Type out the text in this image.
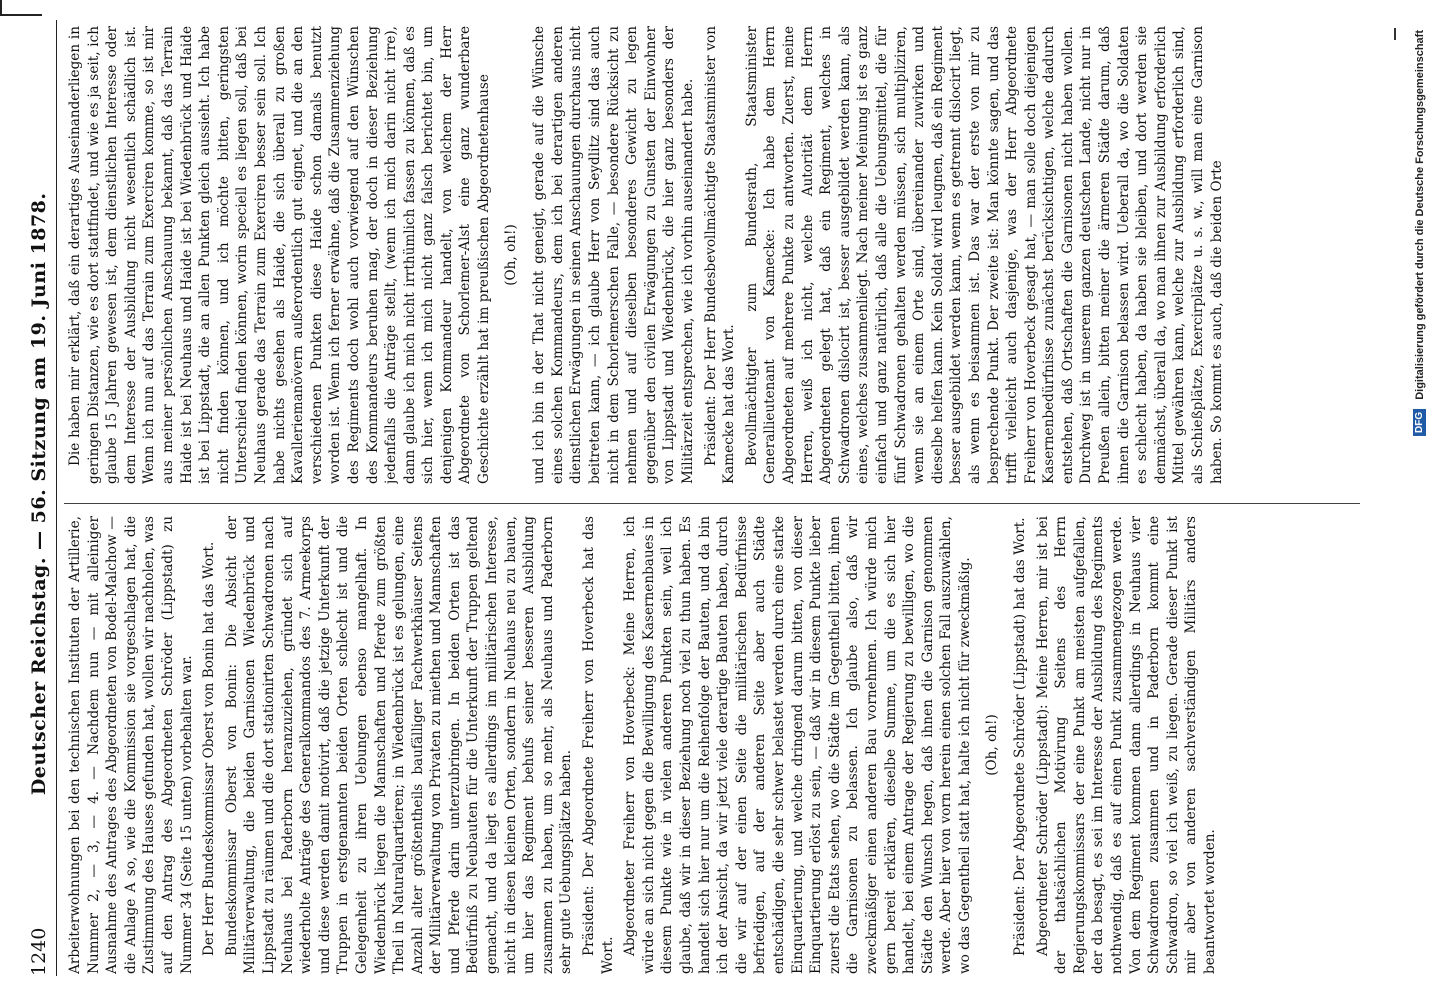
1240
Deutscher Reichstag. — 56. Sitzung am 19. Juni 1878. Arbeiterwohnungen bei den technischen Instituten der Artillerie, Nummer 2, — 3, — 4. — Nachdem nun — mit alleiniger Ausnahme des Antrages des Abgeordneten von Bodel-Malchow — die Anlage A so, wie die Kommission sie vorgeschlagen hat, die Zustimmung des Hauses gefunden hat, wollen wir nachholen, was auf den Antrag des Abgeordneten Schröder (Lippstadt) zu Nummer 34 (Seite 15 unten) vorbehalten war. Der Herr Bundeskommissar Oberst von Bonin hat das Wort. Bundeskommissar Oberst von Bonin: Die Absicht der Militärverwaltung, die beiden Garnisonen Wiedenbrück und Lippstadt zu räumen und die dort stationirten Schwadronen nach Neuhaus bei Paderborn heranzuziehen, gründet sich auf wiederholte Anträge des Generalkommandos des 7. Armeekorps und diese werden damit motivirt, daß die jetzige Unterkunft der Truppen in erstgenannten beiden Orten schlecht ist und die Gelegenheit zu ihren Uebungen ebenso mangelhaft. In Wiedenbrück liegen die Mannschaften und Pferde zum größten Theil in Naturalquartieren; in Wiedenbrück ist es gelungen, eine Anzahl alter größtentheils baufälliger Fachwerkhäuser Seitens der Militärverwaltung von Privaten zu miethen und Mannschaften und Pferde darin unterzubringen. In beiden Orten ist das Bedürfniß zu Neubauten für die Unterkunft der Truppen geltend gemacht, und da liegt es allerdings im militärischen Interesse, nicht in diesen kleinen Orten, sondern in Neuhaus neu zu bauen, um hier das Regiment behufs seiner besseren Ausbildung zusammen zu haben, um so mehr, als Neuhaus und Paderborn sehr gute Uebungsplätze haben. Präsident: Der Abgeordnete Freiherr von Hoverbeck hat das Wort. Abgeordneter Freiherr von Hoverbeck: Meine Herren, ich würde an sich nicht gegen die Bewilligung des Kasernenbaues in diesem Punkte wie in vielen anderen Punkten sein, weil ich glaube, daß wir in dieser Beziehung noch viel zu thun haben. Es handelt sich hier nur um die Reihenfolge der Bauten, und da bin ich der Ansicht, da wir jetzt viele derartige Bauten haben, durch die wir auf der einen Seite die militärischen Bedürfnisse befriedigen, auf der anderen Seite aber auch Städte entschädigen, die sehr schwer belastet werden durch eine starke Einquartierung, und welche dringend darum bitten, von dieser Einquartierung erlöst zu sein, — daß wir in diesem Punkte lieber zuerst die Etats sehen, wo die Städte im Gegentheil bitten, ihnen die Garnisonen zu belassen. Ich glaube also, daß wir zweckmäßiger einen anderen Bau vornehmen. Ich würde mich gern bereit erklären, dieselbe Summe, um die es sich hier handelt, bei einem Antrage der Regierung zu bewilligen, wo die Städte den Wunsch hegen, daß ihnen die Garnison genommen werde. Aber hier von vorn herein einen solchen Fall auszuwählen, wo das Gegentheil statt hat, halte ich nicht für zweckmäßig. (Oh, oh!) Präsident: Der Abgeordnete Schröder (Lippstadt) hat das Wort. Abgeordneter Schröder (Lippstadt): Meine Herren, mir ist bei der thatsächlichen Motivirung Seitens des Herrn Regierungskommissars der eine Punkt am meisten aufgefallen, der da besagt, es sei im Interesse der Ausbildung des Regiments nothwendig, daß es auf einen Punkt zusammengezogen werde. Von dem Regiment kommen dann allerdings in Neuhaus vier Schwadronen zusammen und in Paderborn kommt eine Schwadron, so viel ich weiß, zu liegen. Gerade dieser Punkt ist mir aber von anderen sachverständigen Militärs anders beantwortet worden.

Die haben mir erklärt, daß ein derartiges Auseinanderliegen in geringen Distanzen, wie es dort stattfindet, und wie es ja seit, ich glaube 15 Jahren gewesen ist, dem dienstlichen Interesse oder dem Interesse der Ausbildung nicht wesentlich schädlich ist. Wenn ich nun auf das Terrain zum Exerciren komme, so ist mir aus meiner persönlichen Anschauung bekannt, daß das Terrain Haide ist bei Neuhaus und Haide ist bei Wiedenbrück und Haide ist bei Lippstadt, die an allen Punkten gleich aussieht. Ich habe nicht finden können, und ich möchte bitten, geringsten Unterschied finden können, worin speciell es liegen soll, daß bei Neuhaus gerade das Terrain zum Exerciren besser sein soll. Ich habe nichts gesehen als Haide, die sich überall zu großen Kavalleriemanövern außerordentlich gut eignet, und die an den verschiedenen Punkten diese Haide schon damals benutzt worden ist. Wenn ich ferner erwähne, daß die Zusammenziehung des Regiments doch wohl auch vorwiegend auf den Wünschen des Kommandeurs beruhen mag, der doch in dieser Beziehung jedenfalls die Anträge stellt, (wenn ich mich darin nicht irre), dann glaube ich mich nicht irrthümlich fassen zu können, daß es sich hier, wenn ich mich nicht ganz falsch berichtet bin, um denjenigen Kommandeur handelt, von welchem der Herr Abgeordnete von Schorlemer-Alst eine ganz wunderbare Geschichte erzählt hat im preußischen Abgeordnetenhause (Oh, oh!) und ich bin in der That nicht geneigt, gerade auf die Wünsche eines solchen Kommandeurs, dem ich bei derartigen anderen dienstlichen Erwägungen in seinen Anschauungen durchaus nicht beitreten kann, — ich glaube Herr von Seydlitz sind das auch nicht in dem Schorlemerschen Falle, — besondere Rücksicht zu nehmen und auf dieselben besonderes Gewicht zu legen gegenüber den civilen Erwägungen zu Gunsten der Einwohner von Lippstadt und Wiedenbrück, die hier ganz besonders der Militärzeit entsprechen, wie ich vorhin auseinandert habe. Präsident: Der Herr Bundesbevollmächtigte Staatsminister von Kamecke hat das Wort. Bevollmächtigter zum Bundesrath, Staatsminister Generallieutenant von Kamecke: Ich habe dem Herrn Abgeordneten auf mehrere Punkte zu antworten. Zuerst, meine Herren, weiß ich nicht, welche Autorität dem Herrn Abgeordneten gelegt hat, daß ein Regiment, welches in Schwadronen dislocirt ist, besser ausgebildet werden kann, als eines, welches zusammenliegt. Nach meiner Meinung ist es ganz einfach und ganz natürlich, daß alle die Uebungsmittel, die für fünf Schwadronen gehalten werden müssen, sich multipliziren, wenn sie an einem Orte sind, übereinander zuwirken und dieselbe helfen kann. Kein Soldat wird leugnen, daß ein Regiment besser ausgebildet werden kann, wenn es getrennt dislocirt liegt, als wenn es beisammen ist. Das war der erste von mir zu besprechende Punkt. Der zweite ist: Man könnte sagen, und das trifft vielleicht auch dasjenige, was der Herr Abgeordnete Freiherr von Hoverbeck gesagt hat, — man solle doch diejenigen Kasernenbedürfnisse zunächst berücksichtigen, welche dadurch entstehen, daß Ortschaften die Garnisonen nicht haben wollen. Durchweg ist in unserem ganzen deutschen Lande, nicht nur in Preußen allein, bitten meiner die ärmeren Städte darum, daß ihnen die Garnison belassen wird. Ueberall da, wo die Soldaten es schlecht haben, da haben sie bleiben, und dort werden sie demnächst, überall da, wo man ihnen zur Ausbildung erforderlich Mittel gewähren kann, welche zur Ausbildung erforderlich sind, als Schießplätze, Exercirplätze u. s. w., will man eine Garnison haben. So kommt es auch, daß die beiden Orte	DFG Digitalisierung gefördert durch die Deutsche Forschungsgemeinschaft
